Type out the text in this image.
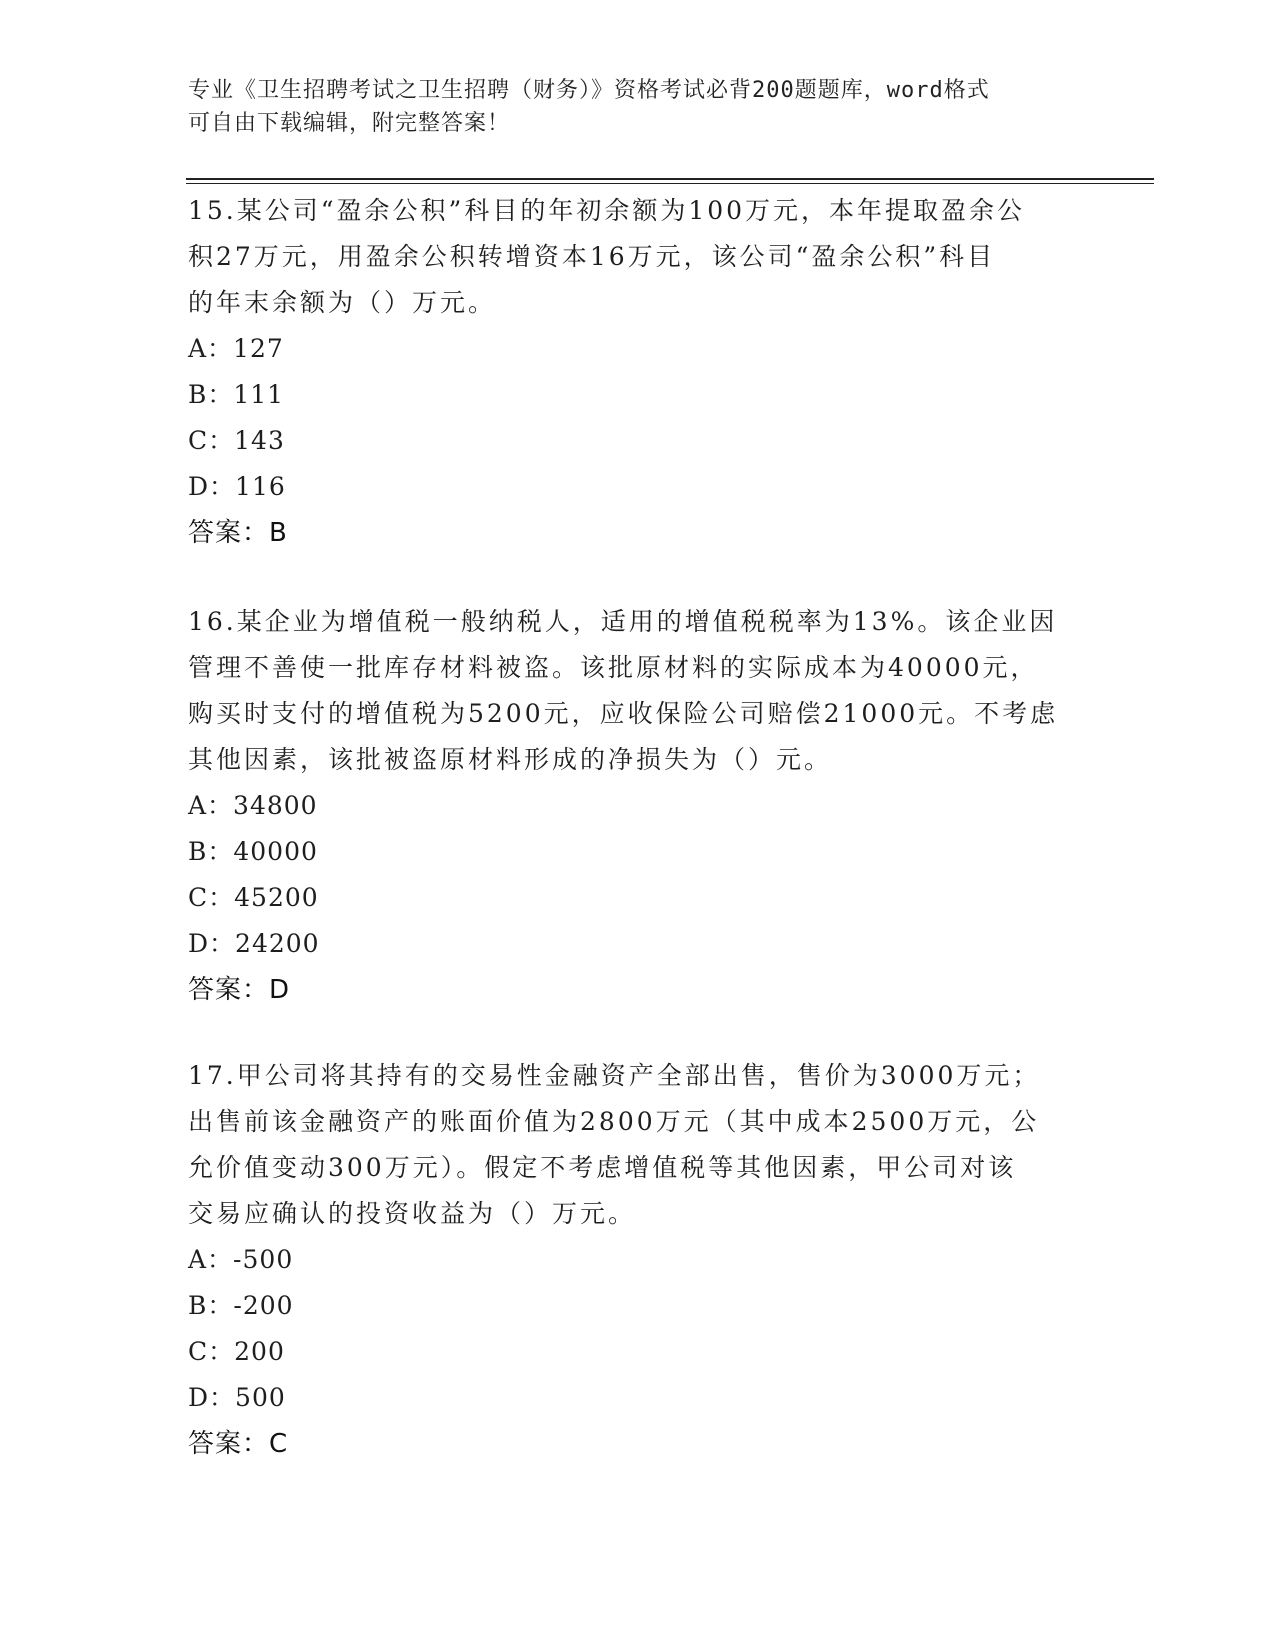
专业《卫生招聘考试之卫生招聘（财务）》资格考试必背200题题库，word格式
可自由下载编辑，附完整答案！

15.某公司“盈余公积”科目的年初余额为100万元，本年提取盈余公

积27万元，用盈余公积转增资本16万元，该公司“盈余公积”科目

的年末余额为（）万元。

A：127

B：111

C：143

D：116

答案：B

16.某企业为增值税一般纳税人，适用的增值税税率为13%。该企业因

管理不善使一批库存材料被盗。该批原材料的实际成本为40000元，

购买时支付的增值税为5200元，应收保险公司赔偿21000元。不考虑

其他因素，该批被盗原材料形成的净损失为（）元。

A：34800

B：40000

C：45200

D：24200

答案：D

17.甲公司将其持有的交易性金融资产全部出售，售价为3000万元；

出售前该金融资产的账面价值为2800万元（其中成本2500万元，公

允价值变动300万元）。假定不考虑增值税等其他因素，甲公司对该

交易应确认的投资收益为（）万元。

A：-500

B：-200

C：200

D：500

答案：C
